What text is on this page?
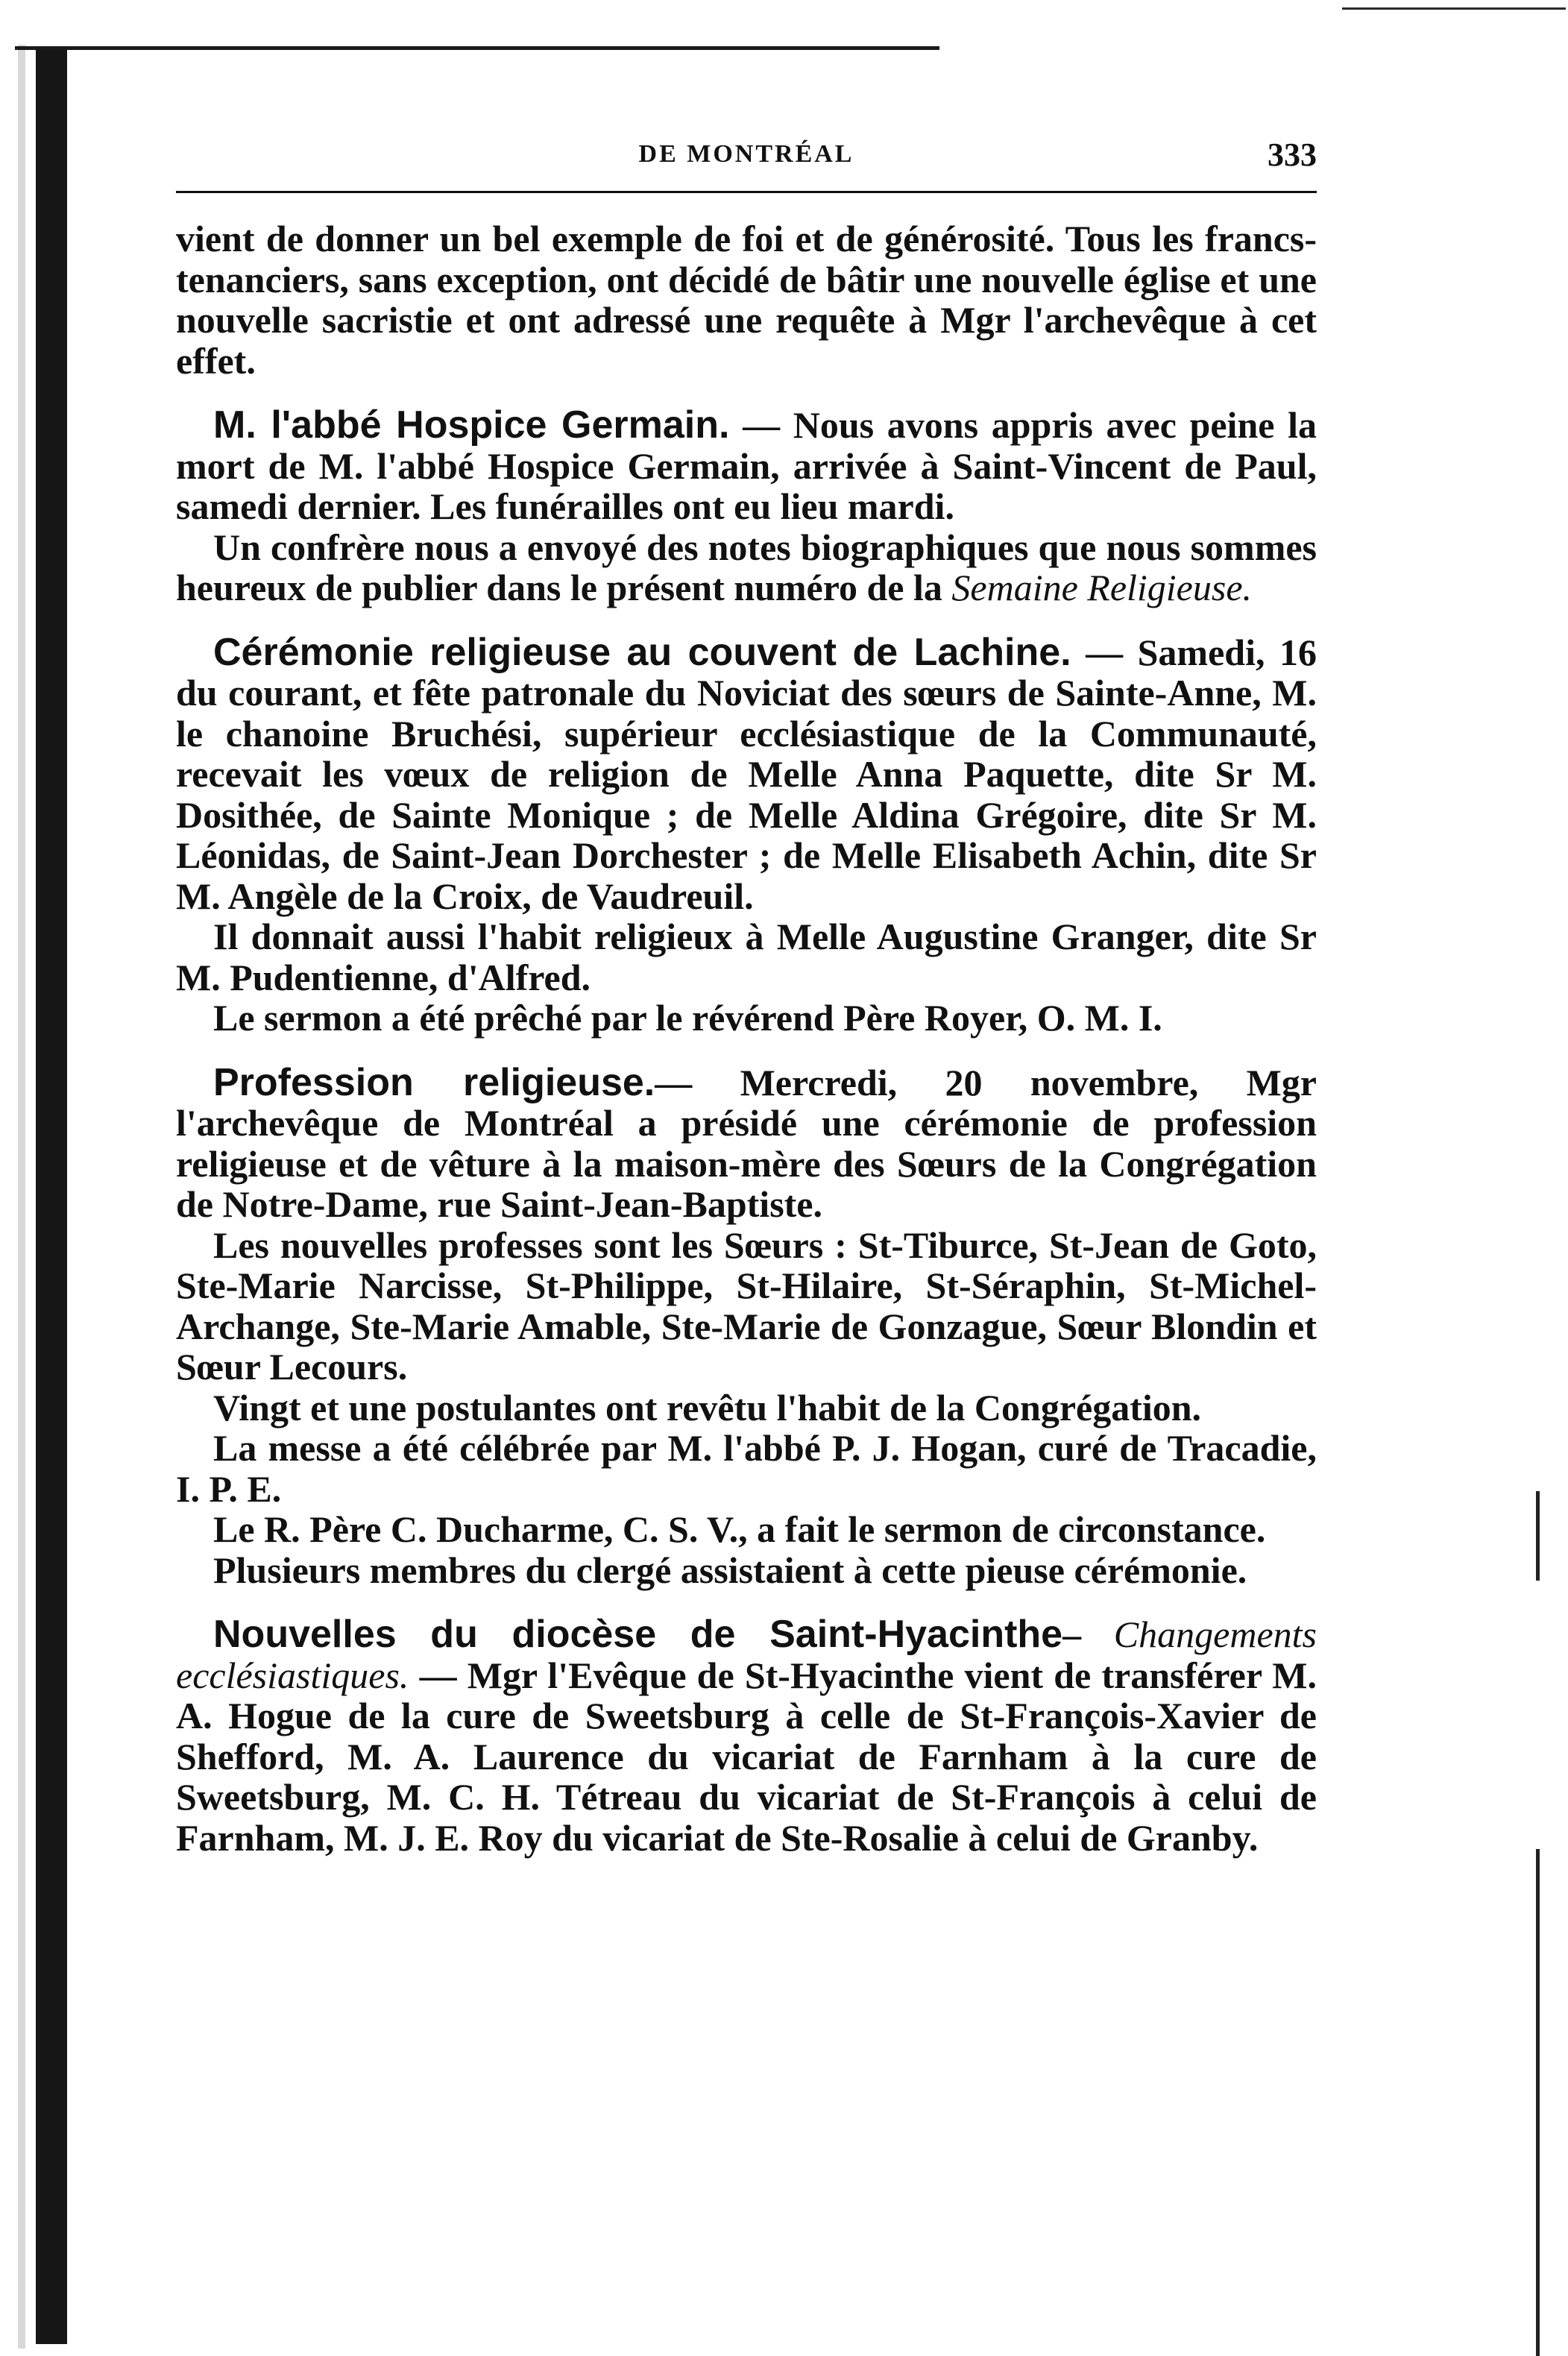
DE MONTRÉAL	333

vient de donner un bel exemple de foi et de générosité. Tous les francs-tenanciers, sans exception, ont décidé de bâtir une nouvelle église et une nouvelle sacristie et ont adressé une requête à Mgr l'archevêque à cet effet.

M. l'abbé Hospice Germain. — Nous avons appris avec peine la mort de M. l'abbé Hospice Germain, arrivée à Saint-Vincent de Paul, samedi dernier. Les funérailles ont eu lieu mardi.

Un confrère nous a envoyé des notes biographiques que nous sommes heureux de publier dans le présent numéro de la Semaine Religieuse.

Cérémonie religieuse au couvent de Lachine. — Samedi, 16 du courant, et fête patronale du Noviciat des sœurs de Sainte-Anne, M. le chanoine Bruchési, supérieur ecclésiastique de la Communauté, recevait les vœux de religion de Melle Anna Paquette, dite Sr M. Dosithée, de Sainte Monique ; de Melle Aldina Grégoire, dite Sr M. Léonidas, de Saint-Jean Dorchester ; de Melle Elisabeth Achin, dite Sr M. Angèle de la Croix, de Vaudreuil.

Il donnait aussi l'habit religieux à Melle Augustine Granger, dite Sr M. Pudentienne, d'Alfred.

Le sermon a été prêché par le révérend Père Royer, O. M. I.

Profession religieuse.— Mercredi, 20 novembre, Mgr l'archevêque de Montréal a présidé une cérémonie de profession religieuse et de vêture à la maison-mère des Sœurs de la Congrégation de Notre-Dame, rue Saint-Jean-Baptiste.

Les nouvelles professes sont les Sœurs : St-Tiburce, St-Jean de Goto, Ste-Marie Narcisse, St-Philippe, St-Hilaire, St-Séraphin, St-Michel-Archange, Ste-Marie Amable, Ste-Marie de Gonzague, Sœur Blondin et Sœur Lecours.

Vingt et une postulantes ont revêtu l'habit de la Congrégation.

La messe a été célébrée par M. l'abbé P. J. Hogan, curé de Tracadie, I. P. E.

Le R. Père C. Ducharme, C. S. V., a fait le sermon de circonstance.

Plusieurs membres du clergé assistaient à cette pieuse cérémonie.

Nouvelles du diocèse de Saint-Hyacinthe– Changements ecclésiastiques. — Mgr l'Evêque de St-Hyacinthe vient de transférer M. A. Hogue de la cure de Sweetsburg à celle de St-François-Xavier de Shefford, M. A. Laurence du vicariat de Farnham à la cure de Sweetsburg, M. C. H. Tétreau du vicariat de St-François à celui de Farnham, M. J. E. Roy du vicariat de Ste-Rosalie à celui de Granby.
